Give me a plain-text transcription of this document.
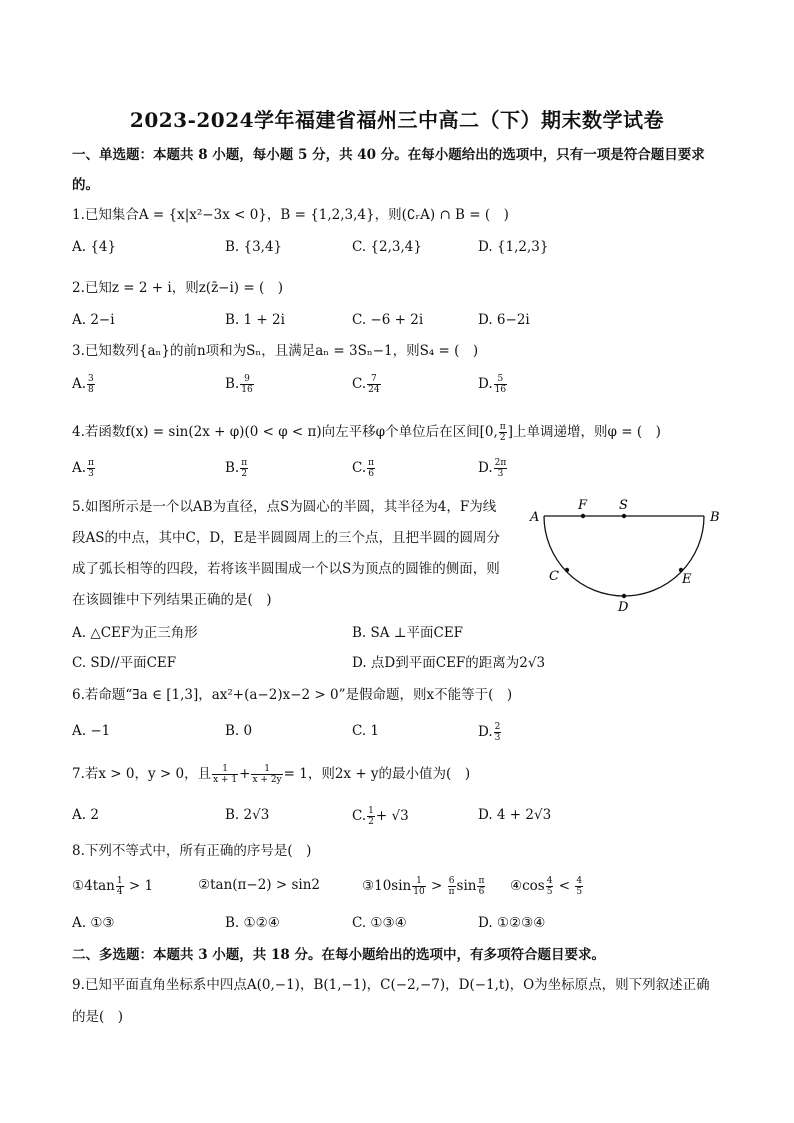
2023-2024学年福建省福州三中高二（下）期末数学试卷
一、单选题：本题共 8 小题，每小题 5 分，共 40 分。在每小题给出的选项中，只有一项是符合题目要求
的。
1.已知集合A = {x|x²−3x < 0}，B = {1,2,3,4}，则(∁ᵣA) ∩ B = (　)
A. {4}	B. {3,4}	C. {2,3,4}	D. {1,2,3}
2.已知z = 2 + i，则z(z̄−i) = (　)
A. 2−i	B. 1 + 2i	C. −6 + 2i	D. 6−2i
3.已知数列{aₙ}的前n项和为Sₙ，且满足aₙ = 3Sₙ−1，则S₄ = (　)
A. $\frac{3}{8}$	B. $\frac{9}{16}$	C. $\frac{7}{24}$	D. $\frac{5}{16}$
4.若函数f(x) = sin(2x + φ)(0 < φ < π)向左平移φ个单位后在区间[0, $\frac{\pi}{2}$ ]上单调递增，则φ = (　)
A. $\frac{\pi}{3}$	B. $\frac{\pi}{2}$	C. $\frac{\pi}{6}$	D. $\frac{2\pi}{3}$
5.如图所示是一个以AB为直径，点S为圆心的半圆，其半径为4，F为线
段AS的中点，其中C，D，E是半圆圆周上的三个点，且把半圆的圆周分
成了弧长相等的四段，若将该半圆围成一个以S为顶点的圆锥的侧面，则
在该圆锥中下列结果正确的是(　)
A	B
F S
C
D
E
A. △CEF为正三角形	B. SA ⊥平面CEF
C. SD//平面CEF	D. 点D到平面CEF的距离为2√3
6.若命题“∃a ∈ [1,3]，ax²+(a−2)x−2 > 0”是假命题，则x不能等于(　)
A. −1	B. 0	C. 1	D. $\frac{2}{3}$
7.若x > 0，y > 0，且 $\frac{1}{x + 1} + \frac{1}{x + 2y} = 1$，则2x + y的最小值为(　)
A. 2	B. 2√3	C. $\frac{1}{2} + √3$	D. 4 + 2√3
8.下列不等式中，所有正确的序号是(　)
①4tan $\frac{1}{4} > 1$	②tan(π−2) > sin2	③10sin $\frac{1}{10} > \frac{6}{\pi}$ $\sin \frac{\pi}{6}$ ④cos $\frac{4}{5} < \frac{4}{5}$
A. ①③	B. ①②④	C. ①③④	D. ①②③④
二、多选题：本题共 3 小题，共 18 分。在每小题给出的选项中，有多项符合题目要求。
9.已知平面直角坐标系中四点A(0,−1)，B(1,−1)，C(−2,−7)，D(−1,t)，O为坐标原点，则下列叙述正确
的是(　)
